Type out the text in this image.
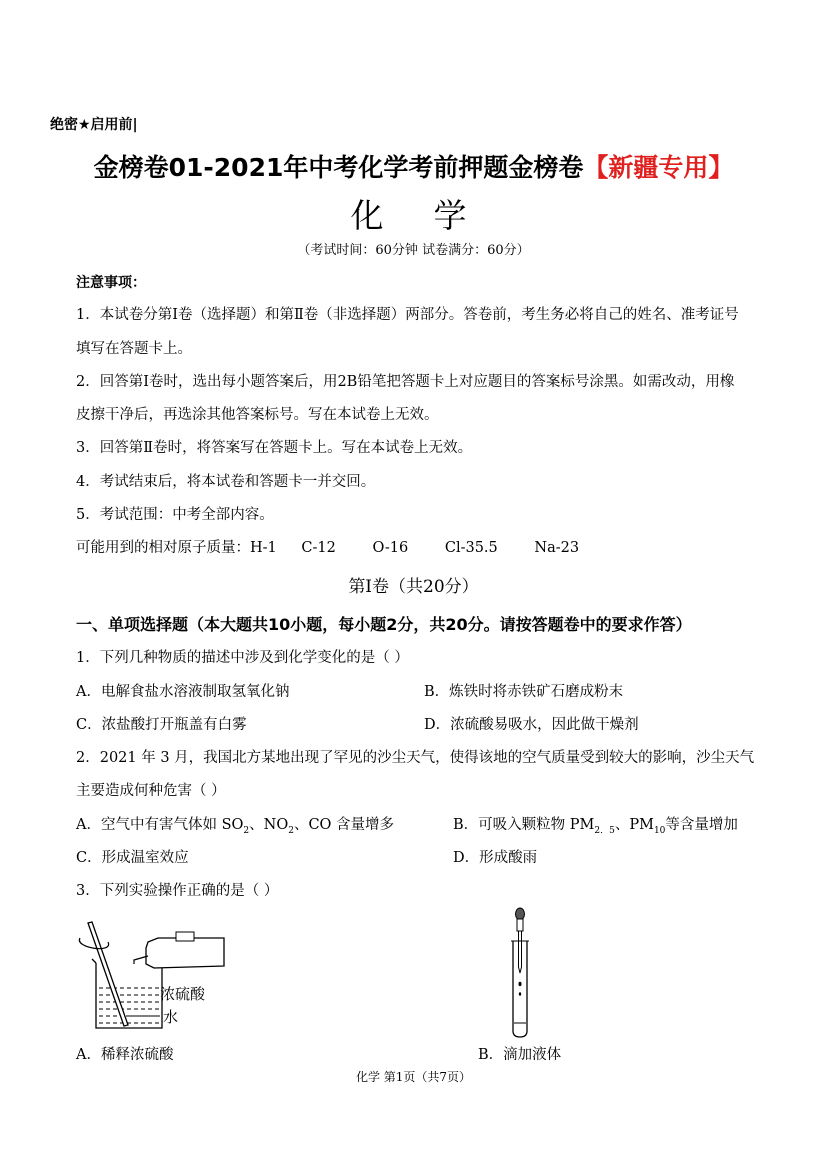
绝密★启用前|
金榜卷01-2021年中考化学考前押题金榜卷【新疆专用】
化 学
（考试时间：60分钟 试卷满分：60分）
注意事项：
1．本试卷分第Ⅰ卷（选择题）和第Ⅱ卷（非选择题）两部分。答卷前，考生务必将自己的姓名、准考证号
填写在答题卡上。
2．回答第Ⅰ卷时，选出每小题答案后，用2B铅笔把答题卡上对应题目的答案标号涂黑。如需改动，用橡
皮擦干净后，再选涂其他答案标号。写在本试卷上无效。
3．回答第Ⅱ卷时，将答案写在答题卡上。写在本试卷上无效。
4．考试结束后，将本试卷和答题卡一并交回。
5．考试范围：中考全部内容。
可能用到的相对原子质量：H-1 C-12	O-16	Cl-35.5	Na-23
第Ⅰ卷（共20分）
一、单项选择题（本大题共10小题，每小题2分，共20分。请按答题卷中的要求作答）
1．下列几种物质的描述中涉及到化学变化的是（ ）
A．电解食盐水溶液制取氢氧化钠	B．炼铁时将赤铁矿石磨成粉末
C．浓盐酸打开瓶盖有白雾	D．浓硫酸易吸水，因此做干燥剂
2．2021 年 3 月，我国北方某地出现了罕见的沙尘天气，使得该地的空气质量受到较大的影响，沙尘天气
主要造成何种危害（ ）
A．空气中有害气体如 $SO_2$、$NO_2$、CO 含量增多	B．可吸入颗粒物 $PM_{2.5}$、$PM_{10}$等含量增加
C．形成温室效应	D．形成酸雨
3．下列实验操作正确的是（ ）
浓硫酸
水
A．稀释浓硫酸	B．滴加液体
化学 第1页（共7页）
